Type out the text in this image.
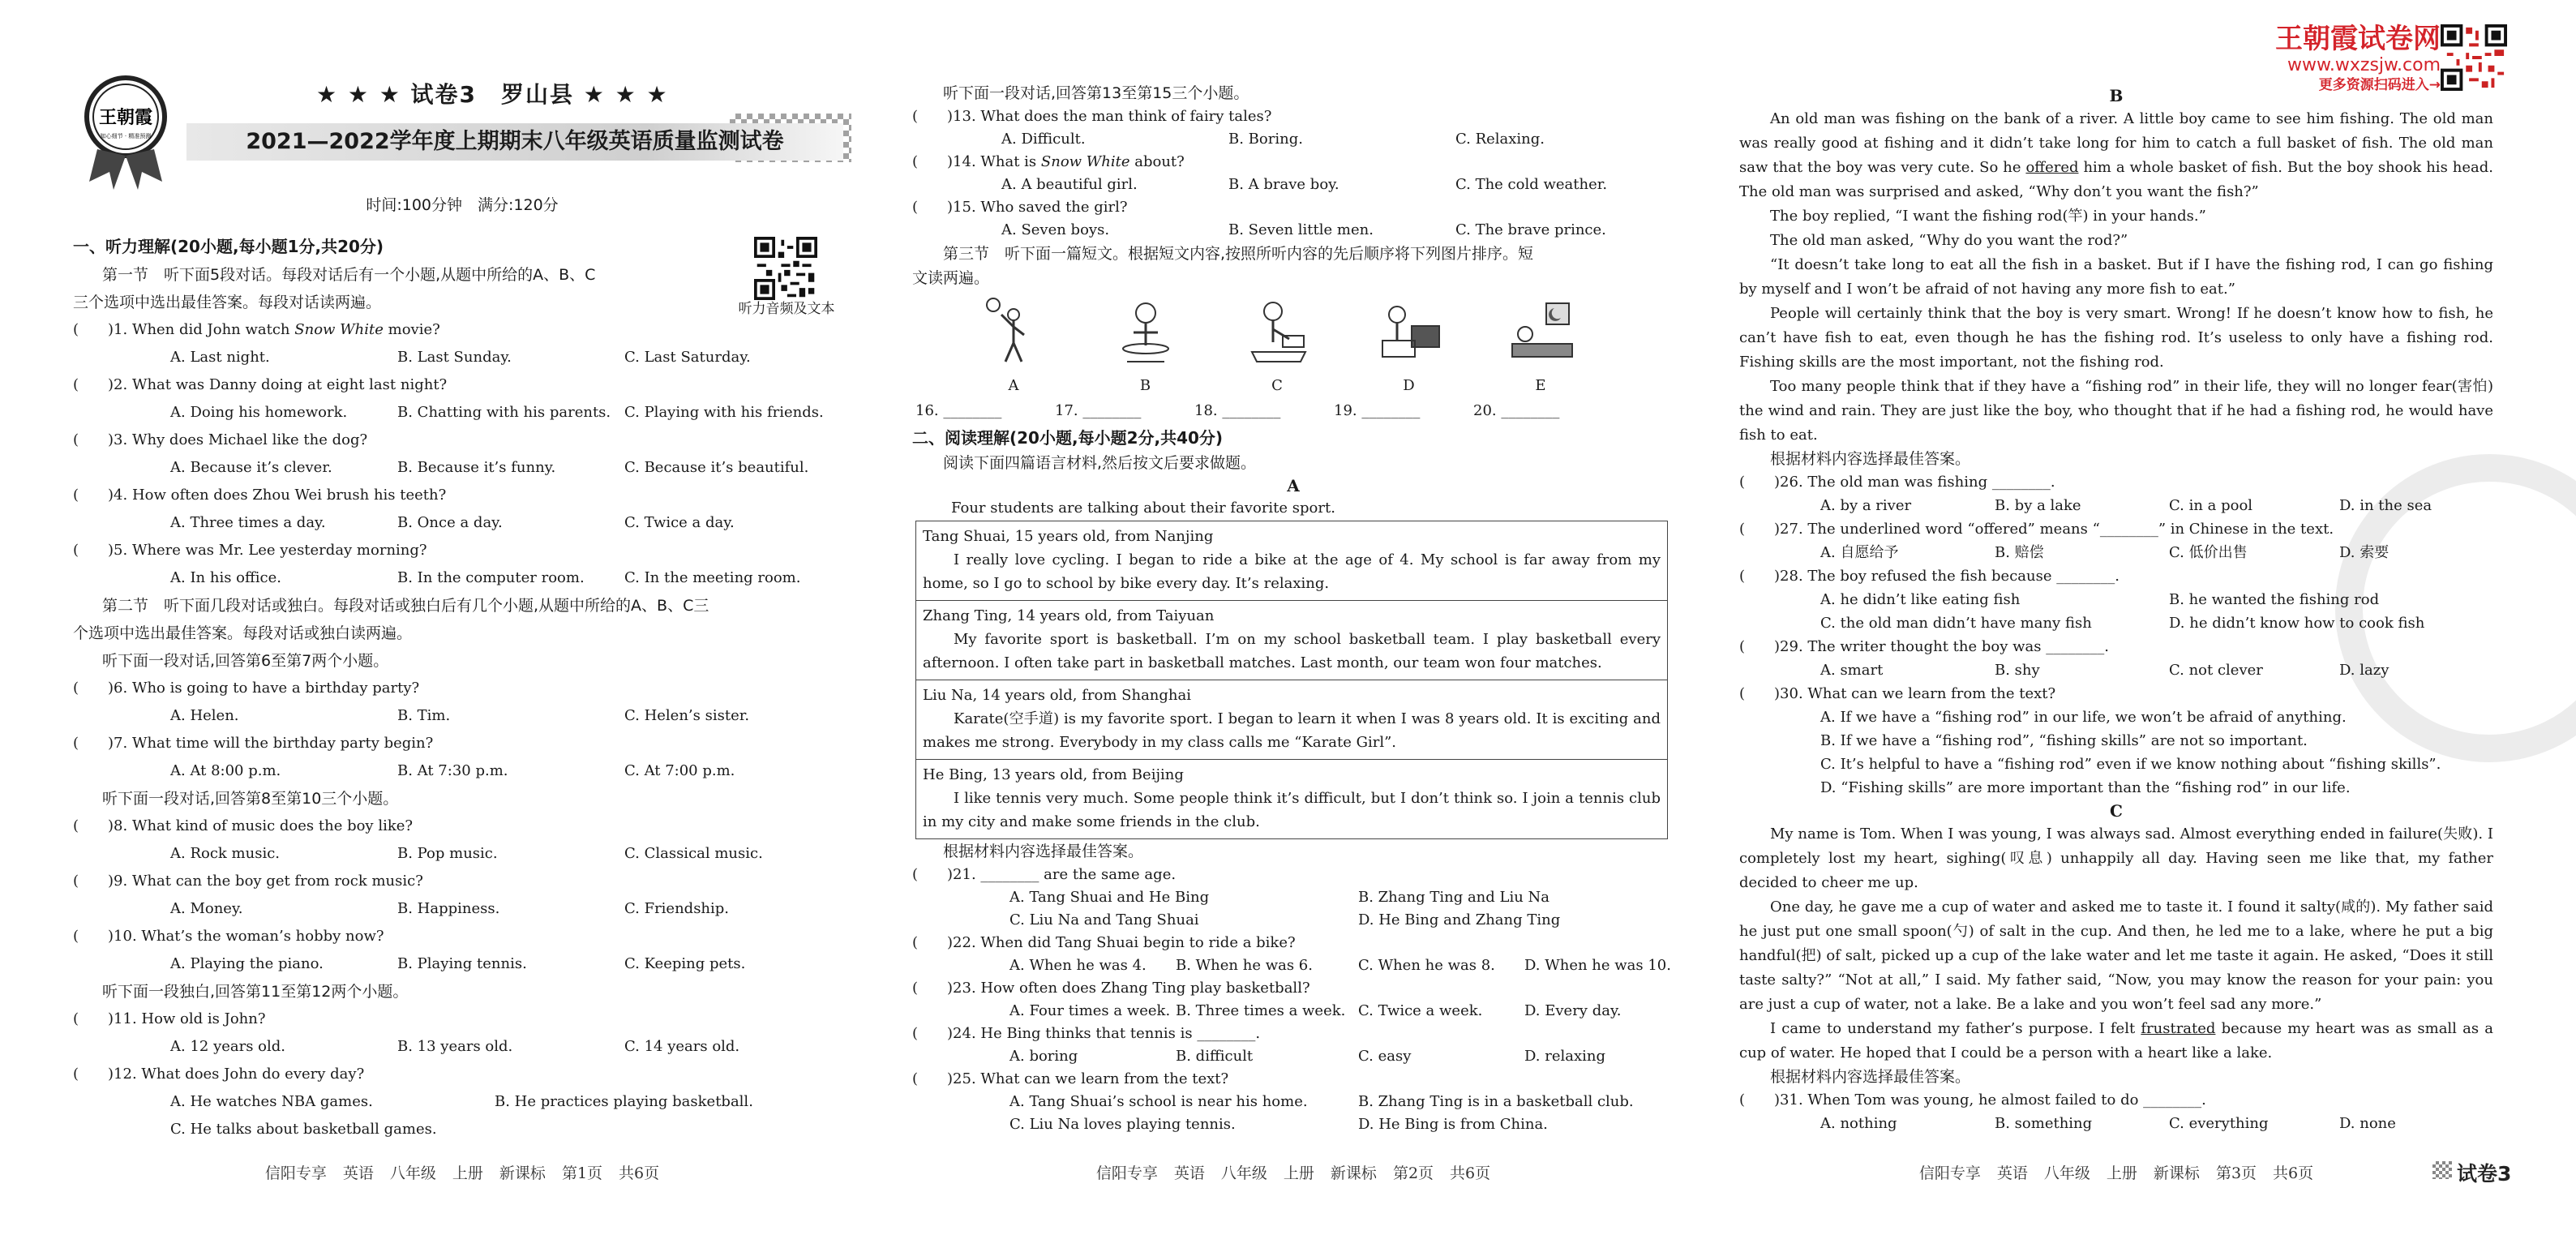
王朝霞
知心细节 · 精准预测
★ ★ ★ 试卷3　罗山县 ★ ★ ★
2021—2022学年度上期期末八年级英语质量监测试卷
听力音频及文本
王朝霞试卷网
www.wxzsjw.com
更多资源扫码进入→
试卷3
时间:100分钟　满分:120分
一、听力理解(20小题,每小题1分,共20分)
第一节　听下面5段对话。每段对话后有一个小题,从题中所给的A、B、C
三个选项中选出最佳答案。每段对话读两遍。
(　　)1. When did John watch Snow White movie?
A. Last night.	B. Last Sunday.	C. Last Saturday.
(　　)2. What was Danny doing at eight last night?
A. Doing his homework.	B. Chatting with his parents. C. Playing with his friends.
(　　)3. Why does Michael like the dog?
A. Because it’s clever.	B. Because it’s funny.	C. Because it’s beautiful.
(　　)4. How often does Zhou Wei brush his teeth?
A. Three times a day.	B. Once a day.	C. Twice a day.
(　　)5. Where was Mr. Lee yesterday morning?
A. In his office.	B. In the computer room.	C. In the meeting room.
第二节　听下面几段对话或独白。每段对话或独白后有几个小题,从题中所给的A、B、C三
个选项中选出最佳答案。每段对话或独白读两遍。
听下面一段对话,回答第6至第7两个小题。
(　　)6. Who is going to have a birthday party?
A. Helen.	B. Tim.	C. Helen’s sister.
(　　)7. What time will the birthday party begin?
A. At 8:00 p.m.	B. At 7:30 p.m.	C. At 7:00 p.m.
听下面一段对话,回答第8至第10三个小题。
(　　)8. What kind of music does the boy like?
A. Rock music.	B. Pop music.	C. Classical music.
(　　)9. What can the boy get from rock music?
A. Money.	B. Happiness.	C. Friendship.
(　　)10. What’s the woman’s hobby now?
A. Playing the piano.	B. Playing tennis.	C. Keeping pets.
听下面一段独白,回答第11至第12两个小题。
(　　)11. How old is John?
A. 12 years old.	B. 13 years old.	C. 14 years old.
(　　)12. What does John do every day?
A. He watches NBA games.	B. He practices playing basketball.
C. He talks about basketball games.
信阳专享 英语 八年级 上册 新课标 第1页 共6页
听下面一段对话,回答第13至第15三个小题。
(　　)13. What does the man think of fairy tales?
A. Difficult.	B. Boring.	C. Relaxing.
(　　)14. What is Snow White about?
A. A beautiful girl.	B. A brave boy.	C. The cold weather.
(　　)15. Who saved the girl?
A. Seven boys.	B. Seven little men.	C. The brave prince.
第三节　听下面一篇短文。根据短文内容,按照所听内容的先后顺序将下列图片排序。短
文读两遍。
A	B	C	D	E
16. ________	17. ________	18. ________	19. ________	20. ________
二、阅读理解(20小题,每小题2分,共40分)
阅读下面四篇语言材料,然后按文后要求做题。
A
Four students are talking about their favorite sport.
Tang Shuai, 15 years old, from Nanjing
I really love cycling. I began to ride a bike at the age of 4. My school is far away from my home, so I go to school by bike every day. It’s relaxing.

Zhang Ting, 14 years old, from Taiyuan
My favorite sport is basketball. I’m on my school basketball team. I play basketball every afternoon. I often take part in basketball matches. Last month, our team won four matches.

Liu Na, 14 years old, from Shanghai
Karate(空手道) is my favorite sport. I began to learn it when I was 8 years old. It is exciting and makes me strong. Everybody in my class calls me “Karate Girl”.

He Bing, 13 years old, from Beijing
I like tennis very much. Some people think it’s difficult, but I don’t think so. I join a tennis club in my city and make some friends in the club.
根据材料内容选择最佳答案。
(　　)21. ________ are the same age.
A. Tang Shuai and He Bing	B. Zhang Ting and Liu Na
C. Liu Na and Tang Shuai	D. He Bing and Zhang Ting
(　　)22. When did Tang Shuai begin to ride a bike?
A. When he was 4.	B. When he was 6.	C. When he was 8.	D. When he was 10.
(　　)23. How often does Zhang Ting play basketball?
A. Four times a week. B. Three times a week. C. Twice a week.	D. Every day.
(　　)24. He Bing thinks that tennis is ________.
A. boring	B. difficult	C. easy	D. relaxing
(　　)25. What can we learn from the text?
A. Tang Shuai’s school is near his home.	B. Zhang Ting is in a basketball club.
C. Liu Na loves playing tennis.	D. He Bing is from China.
信阳专享 英语 八年级 上册 新课标 第2页 共6页
B
An old man was fishing on the bank of a river. A little boy came to see him fishing. The old man was really good at fishing and it didn’t take long for him to catch a full basket of fish. The old man saw that the boy was very cute. So he offered him a whole basket of fish. But the boy shook his head. The old man was surprised and asked, “Why don’t you want the fish?”
The boy replied, “I want the fishing rod(竿) in your hands.”
The old man asked, “Why do you want the rod?”
“It doesn’t take long to eat all the fish in a basket. But if I have the fishing rod, I can go fishing by myself and I won’t be afraid of not having any more fish to eat.”
People will certainly think that the boy is very smart. Wrong! If he doesn’t know how to fish, he can’t have fish to eat, even though he has the fishing rod. It’s useless to only have a fishing rod. Fishing skills are the most important, not the fishing rod.
Too many people think that if they have a “fishing rod” in their life, they will no longer fear(害怕) the wind and rain. They are just like the boy, who thought that if he had a fishing rod, he would have fish to eat.
根据材料内容选择最佳答案。
(　　)26. The old man was fishing ________.
A. by a river	B. by a lake	C. in a pool	D. in the sea
(　　)27. The underlined word “offered” means “________” in Chinese in the text.
A. 自愿给予	B. 赔偿	C. 低价出售	D. 索要
(　　)28. The boy refused the fish because ________.
A. he didn’t like eating fish	B. he wanted the fishing rod
C. the old man didn’t have many fish	D. he didn’t know how to cook fish
(　　)29. The writer thought the boy was ________.
A. smart	B. shy	C. not clever	D. lazy
(　　)30. What can we learn from the text?
A. If we have a “fishing rod” in our life, we won’t be afraid of anything.
B. If we have a “fishing rod”, “fishing skills” are not so important.
C. It’s helpful to have a “fishing rod” even if we know nothing about “fishing skills”.
D. “Fishing skills” are more important than the “fishing rod” in our life.
C
My name is Tom. When I was young, I was always sad. Almost everything ended in failure(失败). I completely lost my heart, sighing(叹息) unhappily all day. Having seen me like that, my father decided to cheer me up.
One day, he gave me a cup of water and asked me to taste it. I found it salty(咸的). My father said he just put one small spoon(勺) of salt in the cup. And then, he led me to a lake, where he put a big handful(把) of salt, picked up a cup of the lake water and let me taste it again. He asked, “Does it still taste salty?” “Not at all,” I said. My father said, “Now, you may know the reason for your pain: you are just a cup of water, not a lake. Be a lake and you won’t feel sad any more.”
I came to understand my father’s purpose. I felt frustrated because my heart was as small as a cup of water. He hoped that I could be a person with a heart like a lake.
根据材料内容选择最佳答案。
(　　)31. When Tom was young, he almost failed to do ________.
A. nothing	B. something	C. everything	D. none
信阳专享 英语 八年级 上册 新课标 第3页 共6页
